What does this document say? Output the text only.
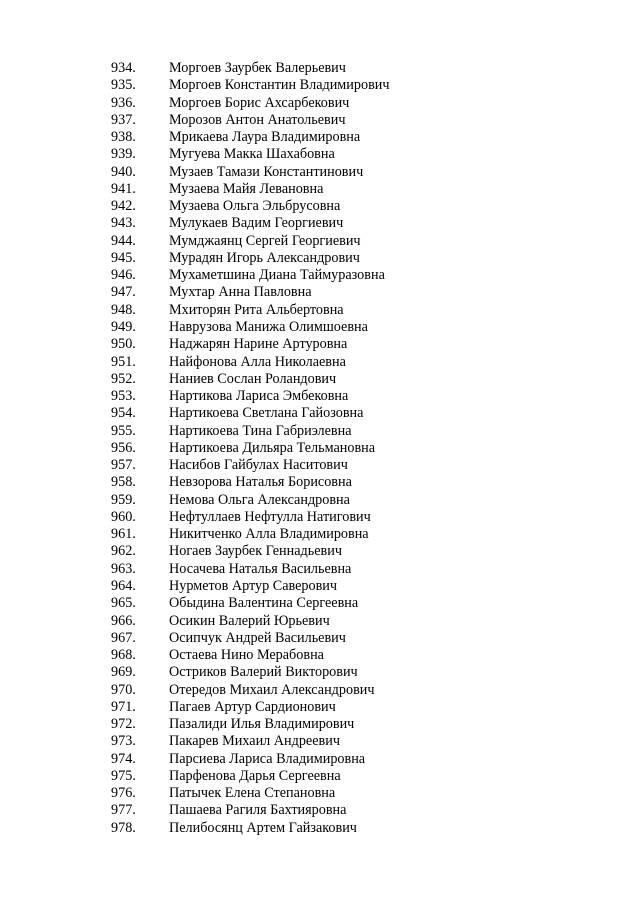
934.	Моргоев Заурбек Валерьевич
935.	Моргоев Константин Владимирович
936.	Моргоев Борис Ахсарбекович
937.	Морозов Антон Анатольевич
938.	Мрикаева Лаура Владимировна
939.	Мугуева Макка Шахабовна
940.	Музаев Тамази Константинович
941.	Музаева Майя Левановна
942.	Музаева Ольга Эльбрусовна
943.	Мулукаев Вадим Георгиевич
944.	Мумджаянц Сергей Георгиевич
945.	Мурадян Игорь Александрович
946.	Мухаметшина Диана Таймуразовна
947.	Мухтар Анна Павловна
948.	Мхиторян Рита Альбертовна
949.	Наврузова Манижа Олимшоевна
950.	Наджарян Нарине Артуровна
951.	Найфонова Алла Николаевна
952.	Наниев Сослан Роландович
953.	Нартикова Лариса Эмбековна
954.	Нартикоева Светлана Гайозовна
955.	Нартикоева Тина Габриэлевна
956.	Нартикоева Дильяра Тельмановна
957.	Насибов Гайбулах Наситович
958.	Невзорова Наталья Борисовна
959.	Немова Ольга Александровна
960.	Нефтуллаев Нефтулла Натигович
961.	Никитченко Алла Владимировна
962.	Ногаев Заурбек Геннадьевич
963.	Носачева Наталья Васильевна
964.	Нурметов Артур Саверович
965.	Обыдина Валентина Сергеевна
966.	Осикин Валерий Юрьевич
967.	Осипчук Андрей Васильевич
968.	Остаева Нино Мерабовна
969.	Остриков Валерий Викторович
970.	Отередов Михаил Александрович
971.	Пагаев Артур Сардионович
972.	Пазалиди Илья Владимирович
973.	Пакарев Михаил Андреевич
974.	Парсиева Лариса Владимировна
975.	Парфенова Дарья Сергеевна
976.	Патычек Елена Степановна
977.	Пашаева Рагиля Бахтияровна
978.	Пелибосянц Артем Гайзакович
